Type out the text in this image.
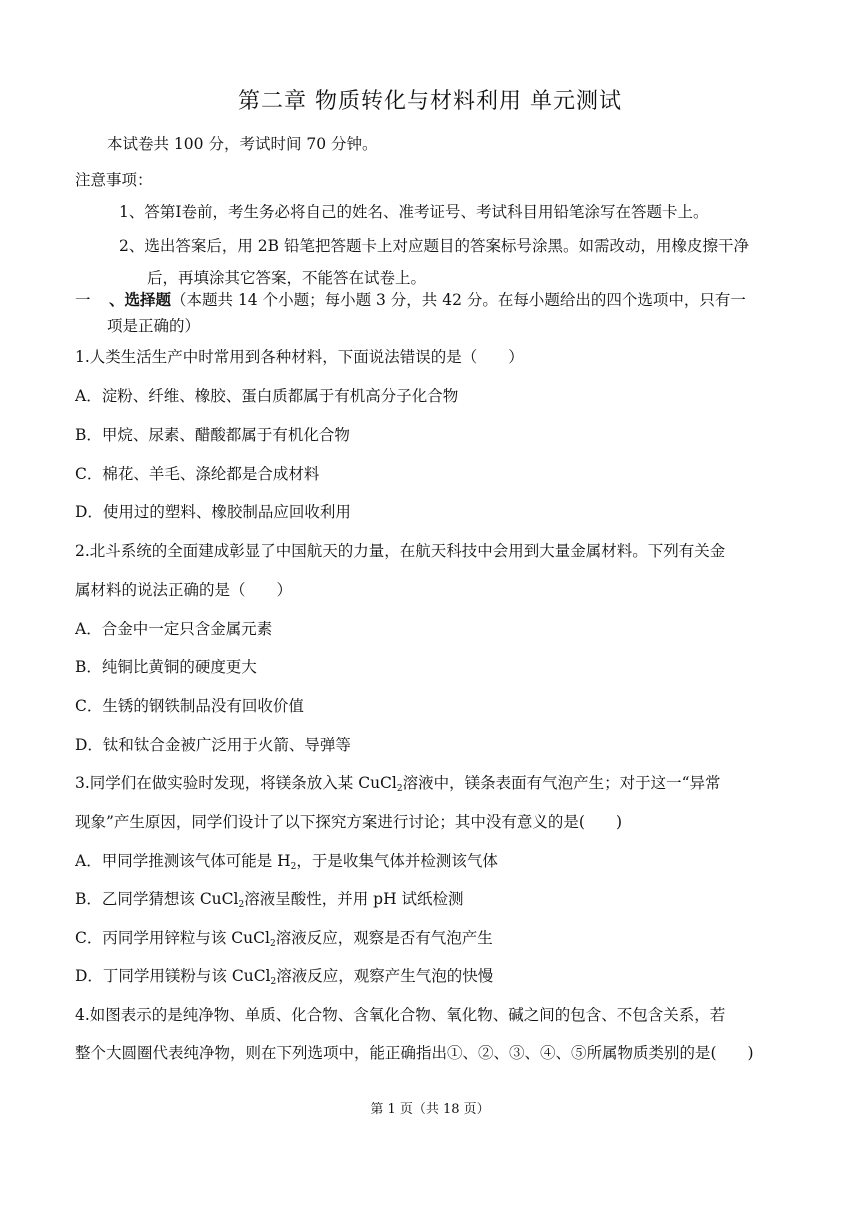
第二章 物质转化与材料利用 单元测试
本试卷共 100 分，考试时间 70 分钟。
注意事项：
1、答第Ⅰ卷前，考生务必将自己的姓名、准考证号、考试科目用铅笔涂写在答题卡上。
2、选出答案后，用 2B 铅笔把答题卡上对应题目的答案标号涂黑。如需改动，用橡皮擦干净
后，再填涂其它答案，不能答在试卷上。
一 、选择题（本题共 14 个小题；每小题 3 分，共 42 分。在每小题给出的四个选项中，只有一
项是正确的）
1.人类生活生产中时常用到各种材料，下面说法错误的是（　　）
A．淀粉、纤维、橡胶、蛋白质都属于有机高分子化合物
B．甲烷、尿素、醋酸都属于有机化合物
C．棉花、羊毛、涤纶都是合成材料
D．使用过的塑料、橡胶制品应回收利用
2.北斗系统的全面建成彰显了中国航天的力量，在航天科技中会用到大量金属材料。下列有关金
属材料的说法正确的是（　　）
A．合金中一定只含金属元素
B．纯铜比黄铜的硬度更大
C．生锈的钢铁制品没有回收价值
D．钛和钛合金被广泛用于火箭、导弹等
3.同学们在做实验时发现，将镁条放入某 CuCl$_2$溶液中，镁条表面有气泡产生；对于这一“异常
现象”产生原因，同学们设计了以下探究方案进行讨论；其中没有意义的是(　　)
A．甲同学推测该气体可能是 $H_2$，于是收集气体并检测该气体
B．乙同学猜想该 CuCl$_2$溶液呈酸性，并用 pH 试纸检测
C．丙同学用锌粒与该 CuCl$_2$溶液反应，观察是否有气泡产生
D．丁同学用镁粉与该 CuCl$_2$溶液反应，观察产生气泡的快慢
4.如图表示的是纯净物、单质、化合物、含氧化合物、氧化物、碱之间的包含、不包含关系，若
整个大圆圈代表纯净物，则在下列选项中，能正确指出①、②、③、④、⑤所属物质类别的是(　　)
第 1 页（共 18 页）
